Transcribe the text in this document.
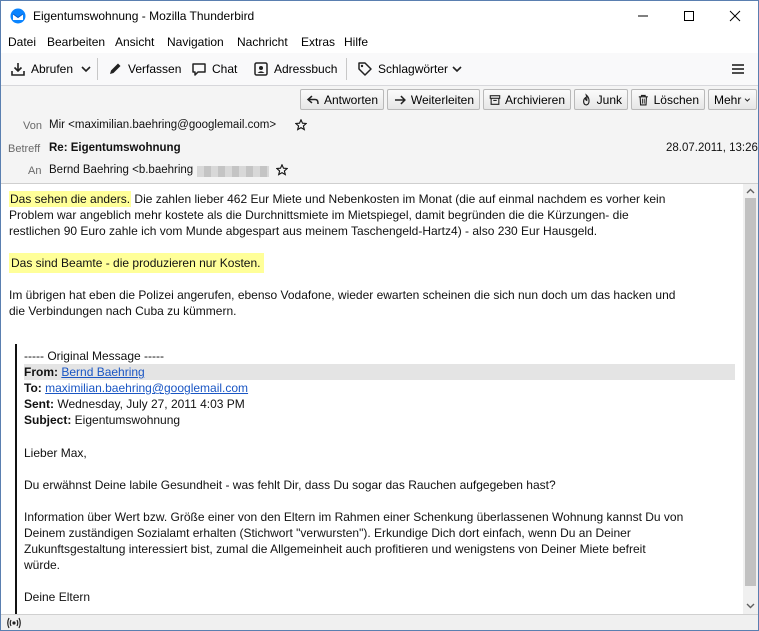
Eigentumswohnung - Mozilla Thunderbird
Datei Bearbeiten Ansicht Navigation Nachricht Extras Hilfe
Abrufen	Verfassen	Chat	Adressbuch	Schlagwörter
Antworten	Weiterleiten	Archivieren	Junk	Löschen Mehr
Von Mir <maximilian.baehring@googlemail.com>
Betreff Re: Eigentumswohnung	28.07.2011, 13:26
An Bernd Baehring <b.baehring
Das sehen die anders. Die zahlen lieber 462 Eur Miete und Nebenkosten im Monat (die auf einmal nachdem es vorher kein
Problem war angeblich mehr kostete als die Durchnittsmiete im Mietspiegel, damit begründen die die Kürzungen- die
restlichen 90 Euro zahle ich vom Munde abgespart aus meinem Taschengeld-Hartz4) - also 230 Eur Hausgeld.
Das sind Beamte - die produzieren nur Kosten.
Im übrigen hat eben die Polizei angerufen, ebenso Vodafone, wieder ewarten scheinen die sich nun doch um das hacken und
die Verbindungen nach Cuba zu kümmern.
----- Original Message -----
From: Bernd Baehring
To: maximilian.baehring@googlemail.com
Sent: Wednesday, July 27, 2011 4:03 PM
Subject: Eigentumswohnung
Lieber Max,
Du erwähnst Deine labile Gesundheit - was fehlt Dir, dass Du sogar das Rauchen aufgegeben hast?
Information über Wert bzw. Größe einer von den Eltern im Rahmen einer Schenkung überlassenen Wohnung kannst Du von
Deinem zuständigen Sozialamt erhalten (Stichwort "verwursten"). Erkundige Dich dort einfach, wenn Du an Deiner
Zukunftsgestaltung interessiert bist, zumal die Allgemeinheit auch profitieren und wenigstens von Deiner Miete befreit
würde.
Deine Eltern
